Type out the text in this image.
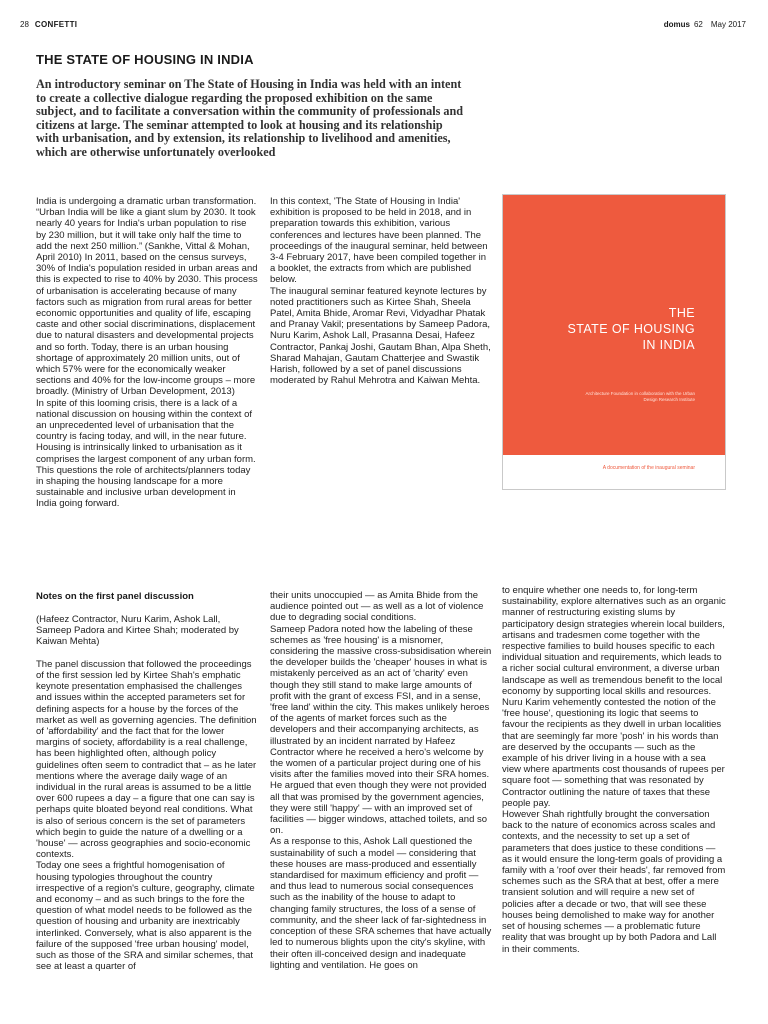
28 CONFETTI	domus 62 May 2017
THE STATE OF HOUSING IN INDIA
An introductory seminar on The State of Housing in India was held with an intent to create a collective dialogue regarding the proposed exhibition on the same subject, and to facilitate a conversation within the community of professionals and citizens at large. The seminar attempted to look at housing and its relationship with urbanisation, and by extension, its relationship to livelihood and amenities, which are otherwise unfortunately overlooked
India is undergoing a dramatic urban transformation. “Urban India will be like a giant slum by 2030. It took nearly 40 years for India's urban population to rise by 230 million, but it will take only half the time to add the next 250 million.” (Sankhe, Vittal & Mohan, April 2010) In 2011, based on the census surveys, 30% of India's population resided in urban areas and this is expected to rise to 40% by 2030. This process of urbanisation is accelerating because of many factors such as migration from rural areas for better economic opportunities and quality of life, escaping caste and other social discriminations, displacement due to natural disasters and developmental projects and so forth. Today, there is an urban housing shortage of approximately 20 million units, out of which 57% were for the economically weaker sections and 40% for the low-income groups – more broadly. (Ministry of Urban Development, 2013)
In spite of this looming crisis, there is a lack of a national discussion on housing within the context of an unprecedented level of urbanisation that the country is facing today, and will, in the near future. Housing is intrinsically linked to urbanisation as it comprises the largest component of any urban form. This questions the role of architects/planners today in shaping the housing landscape for a more sustainable and inclusive urban development in India going forward.
In this context, 'The State of Housing in India' exhibition is proposed to be held in 2018, and in preparation towards this exhibition, various conferences and lectures have been planned. The proceedings of the inaugural seminar, held between 3-4 February 2017, have been compiled together in a booklet, the extracts from which are published below.
The inaugural seminar featured keynote lectures by noted practitioners such as Kirtee Shah, Sheela Patel, Amita Bhide, Aromar Revi, Vidyadhar Phatak and Pranay Vakil; presentations by Sameep Padora, Nuru Karim, Ashok Lall, Prasanna Desai, Hafeez Contractor, Pankaj Joshi, Gautam Bhan, Alpa Sheth, Sharad Mahajan, Gautam Chatterjee and Swastik Harish, followed by a set of panel discussions moderated by Rahul Mehrotra and Kaiwan Mehta.
THE
STATE OF HOUSING
IN INDIA
Architecture Foundation in collaboration with the Urban Design Research Institute
A documentation of the inaugural seminar
Notes on the first panel discussion
(Hafeez Contractor, Nuru Karim, Ashok Lall, Sameep Padora and Kirtee Shah; moderated by Kaiwan Mehta)

The panel discussion that followed the proceedings of the first session led by Kirtee Shah's emphatic keynote presentation emphasised the challenges and issues within the accepted parameters set for defining aspects for a house by the forces of the market as well as governing agencies. The definition of 'affordability' and the fact that for the lower margins of society, affordability is a real challenge, has been highlighted often, although policy guidelines often seem to contradict that – as he later mentions where the average daily wage of an individual in the rural areas is assumed to be a little over 600 rupees a day – a figure that one can say is perhaps quite bloated beyond real conditions. What is also of serious concern is the set of parameters which begin to guide the nature of a dwelling or a 'house' — across geographies and socio-economic contexts.
Today one sees a frightful homogenisation of housing typologies throughout the country irrespective of a region's culture, geography, climate and economy – and as such brings to the fore the question of what model needs to be followed as the question of housing and urbanity are inextricably interlinked. Conversely, what is also apparent is the failure of the supposed 'free urban housing' model, such as those of the SRA and similar schemes, that see at least a quarter of
their units unoccupied — as Amita Bhide from the audience pointed out — as well as a lot of violence due to degrading social conditions.
Sameep Padora noted how the labeling of these schemes as 'free housing' is a misnomer, considering the massive cross-subsidisation wherein the developer builds the 'cheaper' houses in what is mistakenly perceived as an act of 'charity' even though they still stand to make large amounts of profit with the grant of excess FSI, and in a sense, 'free land' within the city. This makes unlikely heroes of the agents of market forces such as the developers and their accompanying architects, as illustrated by an incident narrated by Hafeez Contractor where he received a hero's welcome by the women of a particular project during one of his visits after the families moved into their SRA homes. He argued that even though they were not provided all that was promised by the government agencies, they were still 'happy' — with an improved set of facilities — bigger windows, attached toilets, and so on.
As a response to this, Ashok Lall questioned the sustainability of such a model — considering that these houses are mass-produced and essentially standardised for maximum efficiency and profit — and thus lead to numerous social consequences such as the inability of the house to adapt to changing family structures, the loss of a sense of community, and the sheer lack of far-sightedness in conception of these SRA schemes that have actually led to numerous blights upon the city's skyline, with their often ill-conceived design and inadequate lighting and ventilation. He goes on
to enquire whether one needs to, for long-term sustainability, explore alternatives such as an organic manner of restructuring existing slums by participatory design strategies wherein local builders, artisans and tradesmen come together with the respective families to build houses specific to each individual situation and requirements, which leads to a richer social cultural environment, a diverse urban landscape as well as tremendous benefit to the local economy by supporting local skills and resources.
Nuru Karim vehemently contested the notion of the 'free house', questioning its logic that seems to favour the recipients as they dwell in urban localities that are seemingly far more 'posh' in his words than are deserved by the occupants — such as the example of his driver living in a house with a sea view where apartments cost thousands of rupees per square foot — something that was resonated by Contractor outlining the nature of taxes that these people pay.
However Shah rightfully brought the conversation back to the nature of economics across scales and contexts, and the necessity to set up a set of parameters that does justice to these conditions — as it would ensure the long-term goals of providing a family with a 'roof over their heads', far removed from schemes such as the SRA that at best, offer a mere transient solution and will require a new set of policies after a decade or two, that will see these houses being demolished to make way for another set of housing schemes — a problematic future reality that was brought up by both Padora and Lall in their comments.
